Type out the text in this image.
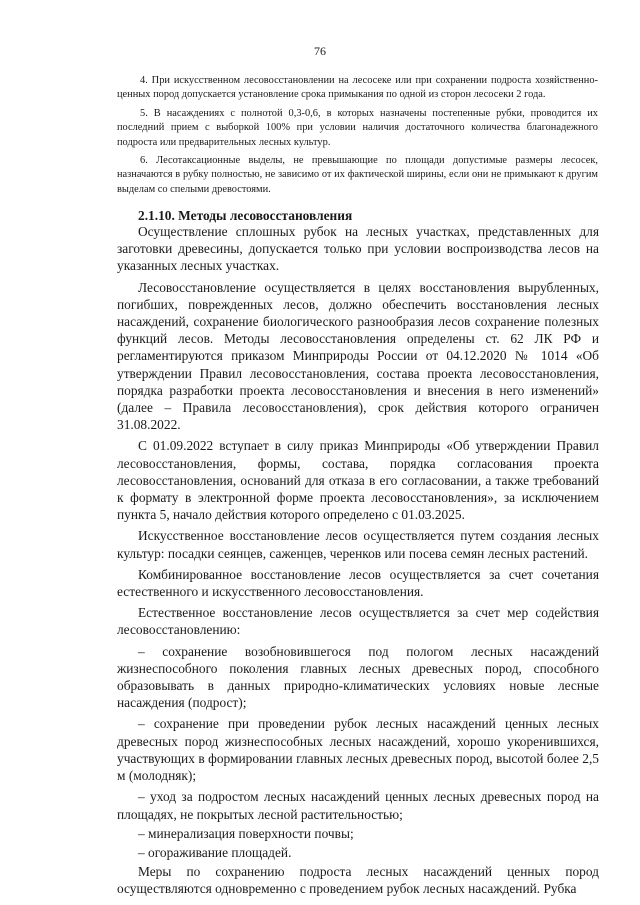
76

4. При искусственном лесовосстановлении на лесосеке или при сохранении подроста хозяйственно-ценных пород допускается установление срока примыкания по одной из сторон лесосеки 2 года.

5. В насаждениях с полнотой 0,3-0,6, в которых назначены постепенные рубки, проводится их последний прием с выборкой 100% при условии наличия достаточного количества благонадежного подроста или предварительных лесных культур.

6. Лесотаксационные выделы, не превышающие по площади допустимые размеры лесосек, назначаются в рубку полностью, не зависимо от их фактической ширины, если они не примыкают к другим выделам со спелыми древостоями.

2.1.10. Методы лесовосстановления

Осуществление сплошных рубок на лесных участках, представленных для заготовки древесины, допускается только при условии воспроизводства лесов на указанных лесных участках.

Лесовосстановление осуществляется в целях восстановления вырубленных, погибших, поврежденных лесов, должно обеспечить восстановления лесных насаждений, сохранение биологического разнообразия лесов сохранение полезных функций лесов. Методы лесовосстановления определены ст. 62 ЛК РФ и регламентируются приказом Минприроды России от 04.12.2020 № 1014 «Об утверждении Правил лесовосстановления, состава проекта лесовосстановления, порядка разработки проекта лесовосстановления и внесения в него изменений» (далее – Правила лесовосстановления), срок действия которого ограничен 31.08.2022.

С 01.09.2022 вступает в силу приказ Минприроды «Об утверждении Правил лесовосстановления, формы, состава, порядка согласования проекта лесовосстановления, оснований для отказа в его согласовании, а также требований к формату в электронной форме проекта лесовосстановления», за исключением пункта 5, начало действия которого определено с 01.03.2025.

Искусственное восстановление лесов осуществляется путем создания лесных культур: посадки сеянцев, саженцев, черенков или посева семян лесных растений.

Комбинированное восстановление лесов осуществляется за счет сочетания естественного и искусственного лесовосстановления.

Естественное восстановление лесов осуществляется за счет мер содействия лесовосстановлению:

– сохранение возобновившегося под пологом лесных насаждений жизнеспособного поколения главных лесных древесных пород, способного образовывать в данных природно-климатических условиях новые лесные насаждения (подрост);

– сохранение при проведении рубок лесных насаждений ценных лесных древесных пород жизнеспособных лесных насаждений, хорошо укоренившихся, участвующих в формировании главных лесных древесных пород, высотой более 2,5 м (молодняк);

– уход за подростом лесных насаждений ценных лесных древесных пород на площадях, не покрытых лесной растительностью;

– минерализация поверхности почвы;

– огораживание площадей.

Меры по сохранению подроста лесных насаждений ценных пород осуществляются одновременно с проведением рубок лесных насаждений. Рубка
